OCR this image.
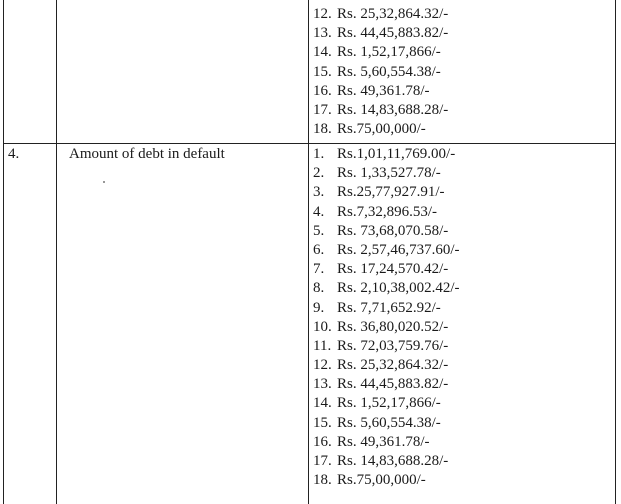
12. Rs. 25,32,864.32/-
13. Rs. 44,45,883.82/-
14. Rs. 1,52,17,866/-
15. Rs. 5,60,554.38/-
16. Rs. 49,361.78/-
17. Rs. 14,83,688.28/-
18. Rs.75,00,000/-
4.	Amount of debt in default	1. Rs.1,01,11,769.00/-
2. Rs. 1,33,527.78/-
3. Rs.25,77,927.91/-
4. Rs.7,32,896.53/-
5. Rs. 73,68,070.58/-
6. Rs. 2,57,46,737.60/-
7. Rs. 17,24,570.42/-
8. Rs. 2,10,38,002.42/-
9. Rs. 7,71,652.92/-
10. Rs. 36,80,020.52/-
11. Rs. 72,03,759.76/-
12. Rs. 25,32,864.32/-
13. Rs. 44,45,883.82/-
14. Rs. 1,52,17,866/-
15. Rs. 5,60,554.38/-
16. Rs. 49,361.78/-
17. Rs. 14,83,688.28/-
18. Rs.75,00,000/-
